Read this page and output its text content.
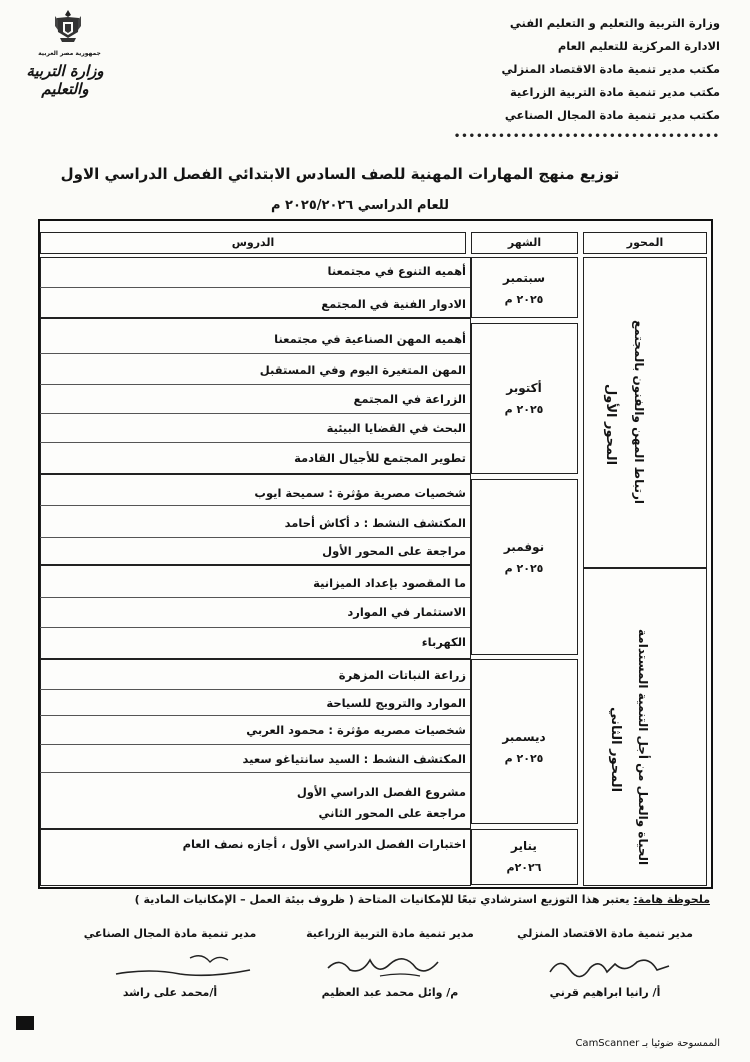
وزارة التربية والتعليم و التعليم الفني
الادارة المركزية للتعليم العام
مكتب مدير تنمية مادة الاقتصاد المنزلي
مكتب مدير تنمية مادة التربية الزراعية
مكتب مدير تنمية مادة المجال الصناعي
••••••••••••••••••••••••••••••••••••
جمهورية مصر العربية
وزارة التربية والتعليم
توزيع منهج المهارات المهنية للصف السادس الابتدائي الفصل الدراسي الاول
للعام الدراسي ٢٠٢٥/٢٠٢٦ م
المحور
الشهر
الدروس
المحور الأول ارتباط المهن والفنون بالمجتمع
المحور الثاني الحياة والعمل من أجل التنمية المستدامة
سبتمبر
٢٠٢٥ م
أكتوبر
٢٠٢٥ م
نوفمبر
٢٠٢٥ م
ديسمبر
٢٠٢٥ م
يناير
٢٠٢٦م
أهميه التنوع في مجتمعنا
الادوار الفنية في المجتمع
أهميه المهن الصناعية في مجتمعنا
المهن المتغيرة اليوم وفي المستقبل
الزراعة في المجتمع
البحث في القضايا البيئية
تطوير المجتمع للأجيال القادمة
شخصيات مصرية مؤثرة : سميحة ايوب
المكتشف النشط : د أكاش أحامد
مراجعة على المحور الأول
ما المقصود بإعداد الميزانية
الاستثمار في الموارد
الكهرباء
زراعة النباتات المزهرة
الموارد والترويج للسياحة
شخصيات مصريه مؤثرة : محمود العربي
المكتشف النشط : السيد سانتياغو سعيد
مشروع الفصل الدراسي الأول
مراجعة على المحور الثاني
اختبارات الفصل الدراسي الأول ، أجازه نصف العام
ملحوظة هامة: يعتبر هذا التوزيع استرشادي تبعًا للإمكانيات المتاحة ( ظروف بيئة العمل – الإمكانيات المادية )
مدير تنمية مادة الاقتصاد المنزلي
مدير تنمية مادة التربية الزراعية
مدير تنمية مادة المجال الصناعي
أ/ رانيا ابراهيم قرني
م/ وائل محمد عبد العظيم
أ/محمد على راشد
الممسوحة ضوئيا بـ CamScanner
